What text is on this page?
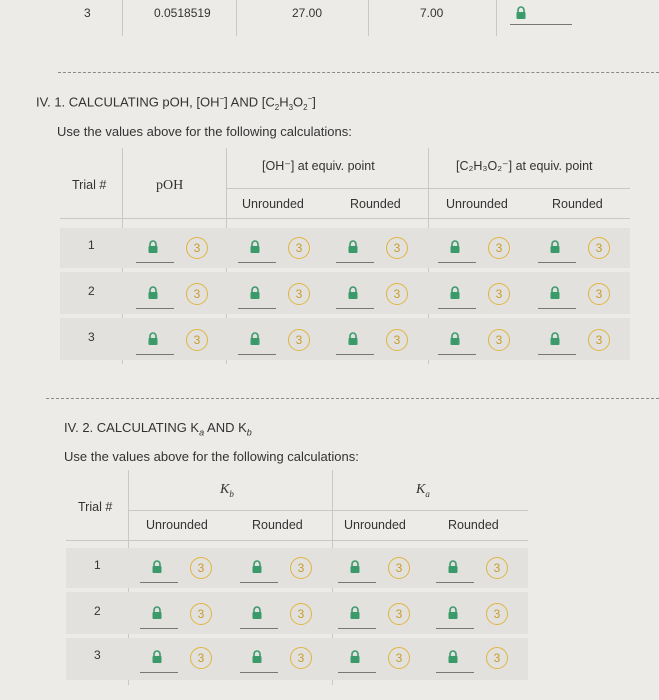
3	0.0518519	27.00	7.00
IV. 1. CALCULATING pOH, [OH−] AND $[C_2H_3O_2^-]$
Use the values above for the following calculations:
Trial #	pOH
[OH⁻] at equiv. point	[C₂H₃O₂⁻] at equiv. point
Unrounded	Rounded	Unrounded	Rounded
1	3	3	3	3	3
2	3	3	3	3	3
3	3	3	3	3	3
IV. 2. CALCULATING $K_a$ AND $K_b$
Use the values above for the following calculations:
$K_b$	$K_a$
Trial #
Unrounded	Rounded	Unrounded	Rounded
1	3	3	3	3
2	3	3	3	3
3	3	3	3	3
